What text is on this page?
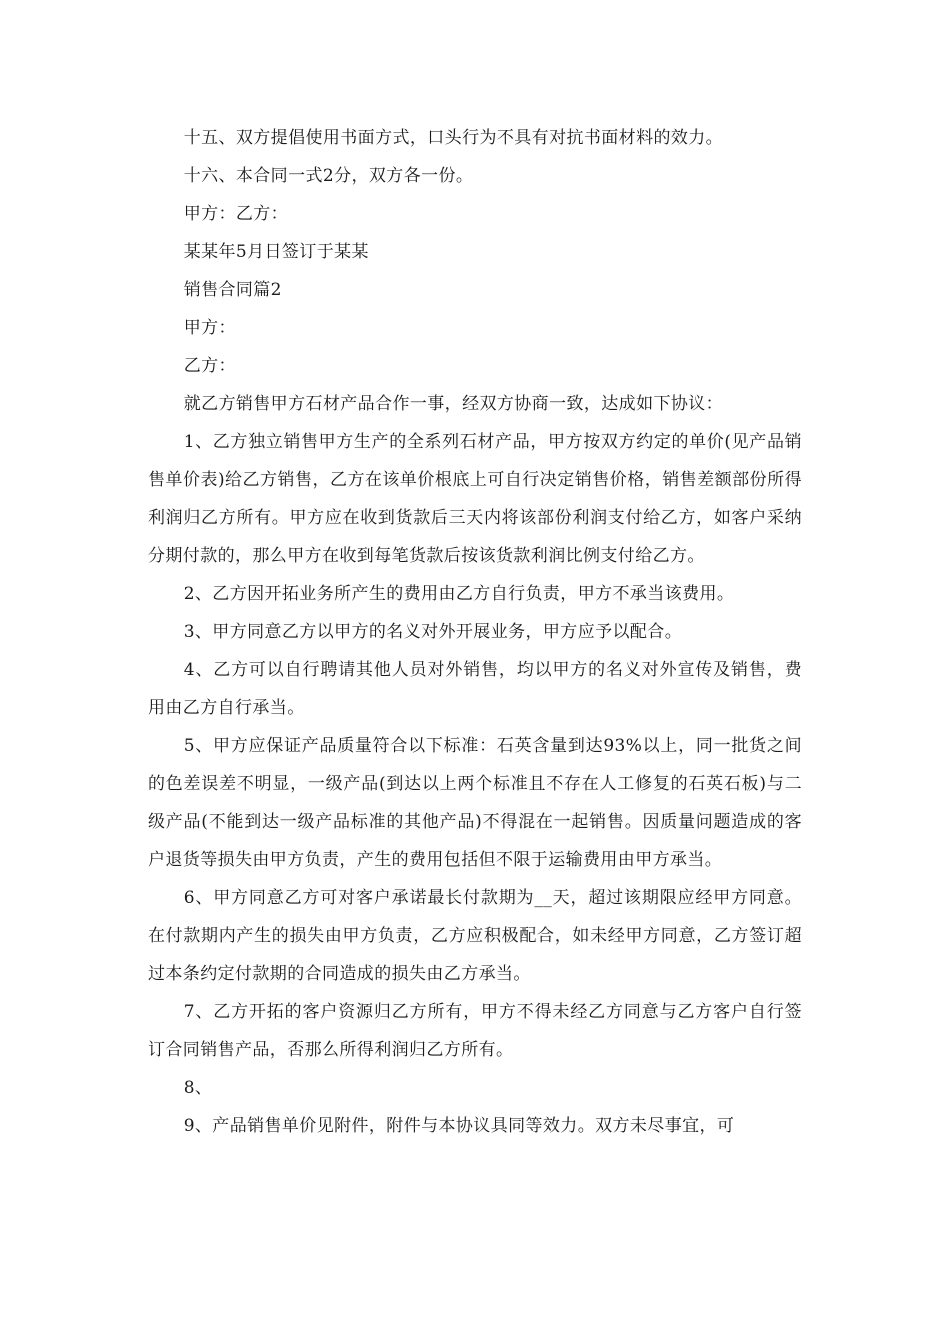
十五、双方提倡使用书面方式，口头行为不具有对抗书面材料的效力。

十六、本合同一式2分，双方各一份。

甲方：乙方：

某某年5月日签订于某某

销售合同篇2

甲方：

乙方：

就乙方销售甲方石材产品合作一事，经双方协商一致，达成如下协议：

1、乙方独立销售甲方生产的全系列石材产品，甲方按双方约定的单价(见产品销售单价表)给乙方销售，乙方在该单价根底上可自行决定销售价格，销售差额部份所得利润归乙方所有。甲方应在收到货款后三天内将该部份利润支付给乙方，如客户采纳分期付款的，那么甲方在收到每笔货款后按该货款利润比例支付给乙方。

2、乙方因开拓业务所产生的费用由乙方自行负责，甲方不承当该费用。

3、甲方同意乙方以甲方的名义对外开展业务，甲方应予以配合。

4、乙方可以自行聘请其他人员对外销售，均以甲方的名义对外宣传及销售，费用由乙方自行承当。

5、甲方应保证产品质量符合以下标准：石英含量到达93%以上，同一批货之间的色差误差不明显，一级产品(到达以上两个标准且不存在人工修复的石英石板)与二级产品(不能到达一级产品标准的其他产品)不得混在一起销售。因质量问题造成的客户退货等损失由甲方负责，产生的费用包括但不限于运输费用由甲方承当。

6、甲方同意乙方可对客户承诺最长付款期为__天，超过该期限应经甲方同意。在付款期内产生的损失由甲方负责，乙方应积极配合，如未经甲方同意，乙方签订超过本条约定付款期的合同造成的损失由乙方承当。

7、乙方开拓的客户资源归乙方所有，甲方不得未经乙方同意与乙方客户自行签订合同销售产品，否那么所得利润归乙方所有。

8、

9、产品销售单价见附件，附件与本协议具同等效力。双方未尽事宜，可
